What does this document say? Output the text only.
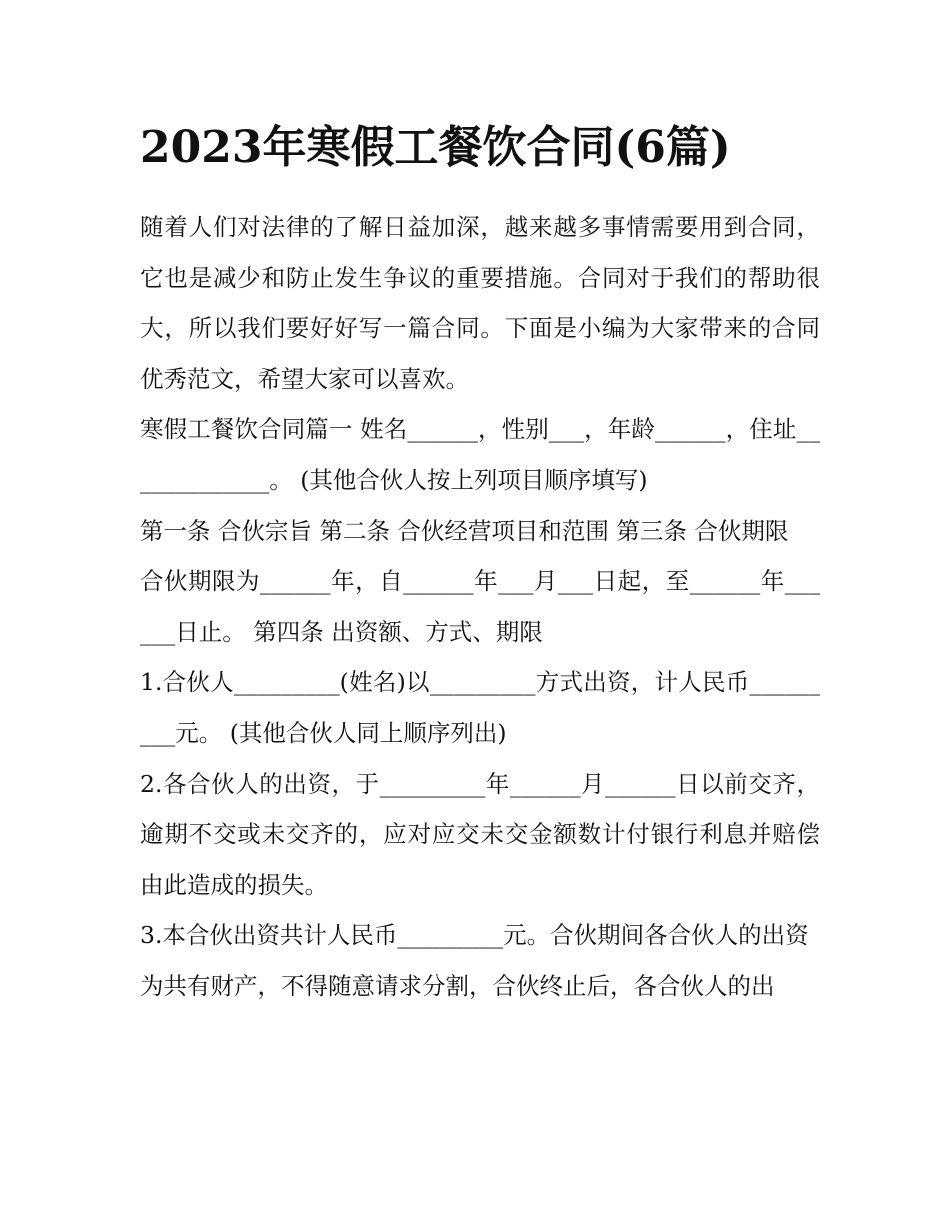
2023年寒假工餐饮合同(6篇)

随着人们对法律的了解日益加深，越来越多事情需要用到合同，它也是减少和防止发生争议的重要措施。合同对于我们的帮助很大，所以我们要好好写一篇合同。下面是小编为大家带来的合同优秀范文，希望大家可以喜欢。

寒假工餐饮合同篇一 姓名______，性别___，年龄______，住址_____________。 (其他合伙人按上列项目顺序填写)

第一条 合伙宗旨 第二条 合伙经营项目和范围 第三条 合伙期限

合伙期限为______年，自______年___月___日起，至______年______日止。 第四条 出资额、方式、期限

1.合伙人_________(姓名)以_________方式出资，计人民币_________元。 (其他合伙人同上顺序列出)

2.各合伙人的出资，于_________年______月______日以前交齐，逾期不交或未交齐的，应对应交未交金额数计付银行利息并赔偿由此造成的损失。

3.本合伙出资共计人民币_________元。合伙期间各合伙人的出资

为共有财产，不得随意请求分割，合伙终止后，各合伙人的出
